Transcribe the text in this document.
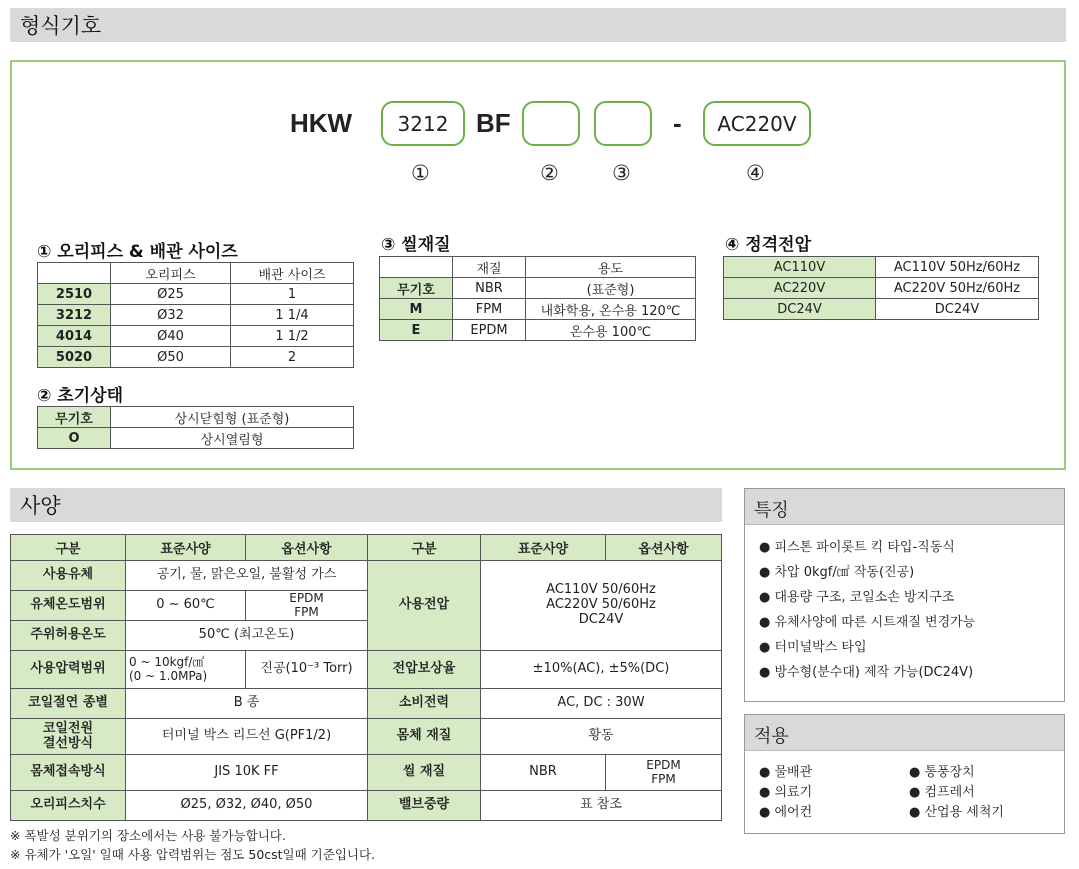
형식기호
HKW	3212	BF	-	AC220V
①	②	③	④
① 오리피스 & 배관 사이즈
	오리피스	배관 사이즈
2510	Ø25	1
3212	Ø32	1 1/4
4014	Ø40	1 1/2
5020	Ø50	2
② 초기상태
무기호	상시닫힘형 (표준형)
O	상시열림형
③ 씰재질
	재질	용도
무기호	NBR	(표준형)
M	FPM	내화학용, 온수용 120℃
E	EPDM	온수용 100℃
④ 정격전압
AC110V	AC110V 50Hz/60Hz
AC220V	AC220V 50Hz/60Hz
DC24V	DC24V
사양
구분	표준사양	옵션사항	구분	표준사양	옵션사항
사용유체	공기, 물, 맑은오일, 불활성 가스		사용전압	AC110V 50/60Hz
AC220V 50/60Hz
DC24V	
유체온도범위	0 ~ 60℃	EPDM
FPM			
주위허용온도	50℃ (최고온도)				
사용압력범위	0 ~ 10kgf/㎠
(0 ~ 1.0MPa)	진공(10⁻³ Torr)	전압보상율	±10%(AC), ±5%(DC)	
코일절연 종별	B 종		소비전력	AC, DC : 30W	
코일전원
결선방식	터미널 박스 리드선 G(PF1/2)		몸체 재질	황동	
몸체접속방식	JIS 10K FF		씰 재질	NBR	EPDM
FPM
오리피스치수	Ø25, Ø32, Ø40, Ø50		밸브중량	표 참조	
※ 폭발성 분위기의 장소에서는 사용 불가능합니다.
※ 유체가 '오일' 일때 사용 압력범위는 점도 50cst일때 기준입니다.
특징
● 피스톤 파이롯트 킥 타입-직동식
● 차압 0kgf/㎠ 작동(진공)
● 대용량 구조, 코일소손 방지구조
● 유체사양에 따른 시트재질 변경가능
● 터미널박스 타입
● 방수형(분수대) 제작 가능(DC24V)
적용
● 물배관
● 의료기
● 에어컨
● 통풍장치
● 컴프레서
● 산업용 세척기
